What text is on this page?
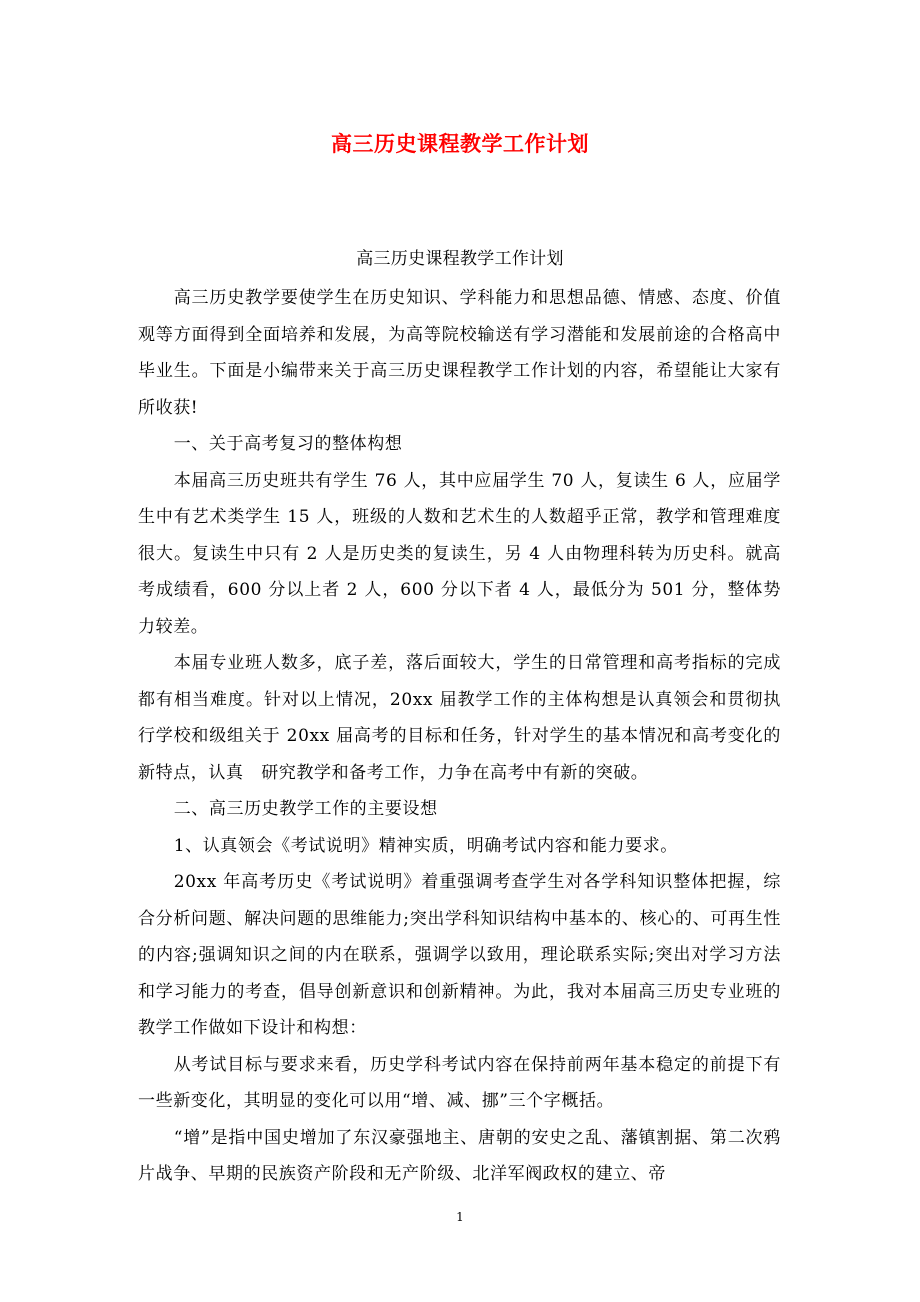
高三历史课程教学工作计划
高三历史课程教学工作计划

高三历史教学要使学生在历史知识、学科能力和思想品德、情感、态度、价值观等方面得到全面培养和发展，为高等院校输送有学习潜能和发展前途的合格高中毕业生。下面是小编带来关于高三历史课程教学工作计划的内容，希望能让大家有所收获!

一、关于高考复习的整体构想

本届高三历史班共有学生 76 人，其中应届学生 70 人，复读生 6 人，应届学生中有艺术类学生 15 人，班级的人数和艺术生的人数超乎正常，教学和管理难度很大。复读生中只有 2 人是历史类的复读生，另 4 人由物理科转为历史科。就高考成绩看，600 分以上者 2 人，600 分以下者 4 人，最低分为 501 分，整体势力较差。

本届专业班人数多，底子差，落后面较大，学生的日常管理和高考指标的完成都有相当难度。针对以上情况，20xx 届教学工作的主体构想是认真领会和贯彻执行学校和级组关于 20xx 届高考的目标和任务，针对学生的基本情况和高考变化的新特点，认真　研究教学和备考工作，力争在高考中有新的突破。

二、高三历史教学工作的主要设想

1、认真领会《考试说明》精神实质，明确考试内容和能力要求。

20xx 年高考历史《考试说明》着重强调考查学生对各学科知识整体把握，综合分析问题、解决问题的思维能力;突出学科知识结构中基本的、核心的、可再生性的内容;强调知识之间的内在联系，强调学以致用，理论联系实际;突出对学习方法和学习能力的考查，倡导创新意识和创新精神。为此，我对本届高三历史专业班的教学工作做如下设计和构想：

从考试目标与要求来看，历史学科考试内容在保持前两年基本稳定的前提下有一些新变化，其明显的变化可以用“增、减、挪”三个字概括。

“增”是指中国史增加了东汉豪强地主、唐朝的安史之乱、藩镇割据、第二次鸦片战争、早期的民族资产阶段和无产阶级、北洋军阀政权的建立、帝

1
